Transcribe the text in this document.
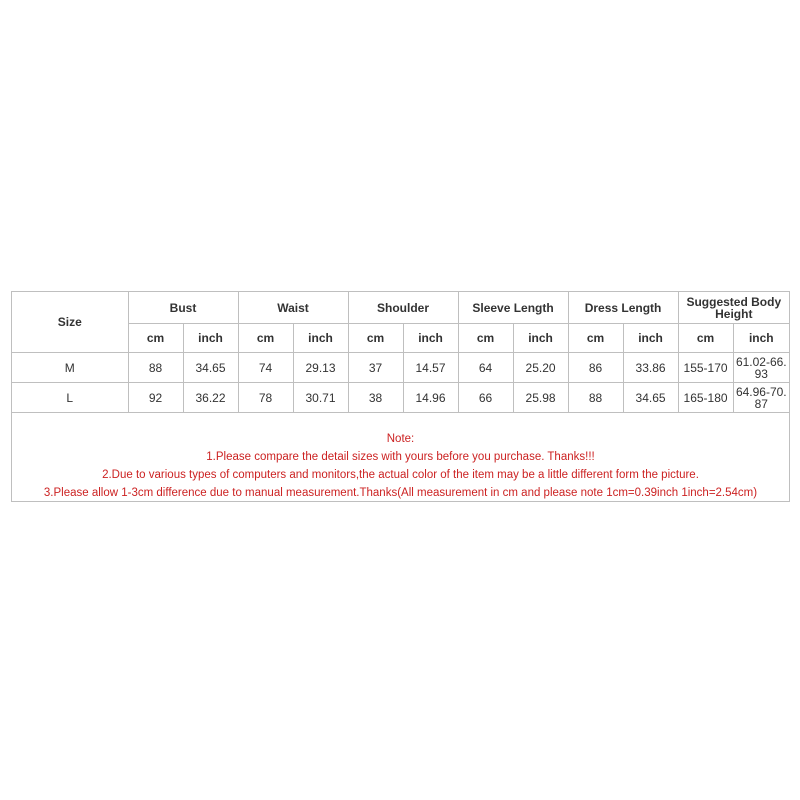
Size	Bust		Waist		Shoulder		Sleeve Length		Dress Length		Suggested Body Height	
	cm	inch	cm	inch	cm	inch	cm	inch	cm	inch	cm	inch
M	88	34.65	74	29.13	37	14.57	64	25.20	86	33.86	155-170	61.02-66.93
L	92	36.22	78	30.71	38	14.96	66	25.98	88	34.65	165-180	64.96-70.87
Note:
1.Please compare the detail sizes with yours before you purchase. Thanks!!!
2.Due to various types of computers and monitors,the actual color of the item may be a little different form the picture.
3.Please allow 1-3cm difference due to manual measurement.Thanks(All measurement in cm and please note 1cm=0.39inch 1inch=2.54cm)
